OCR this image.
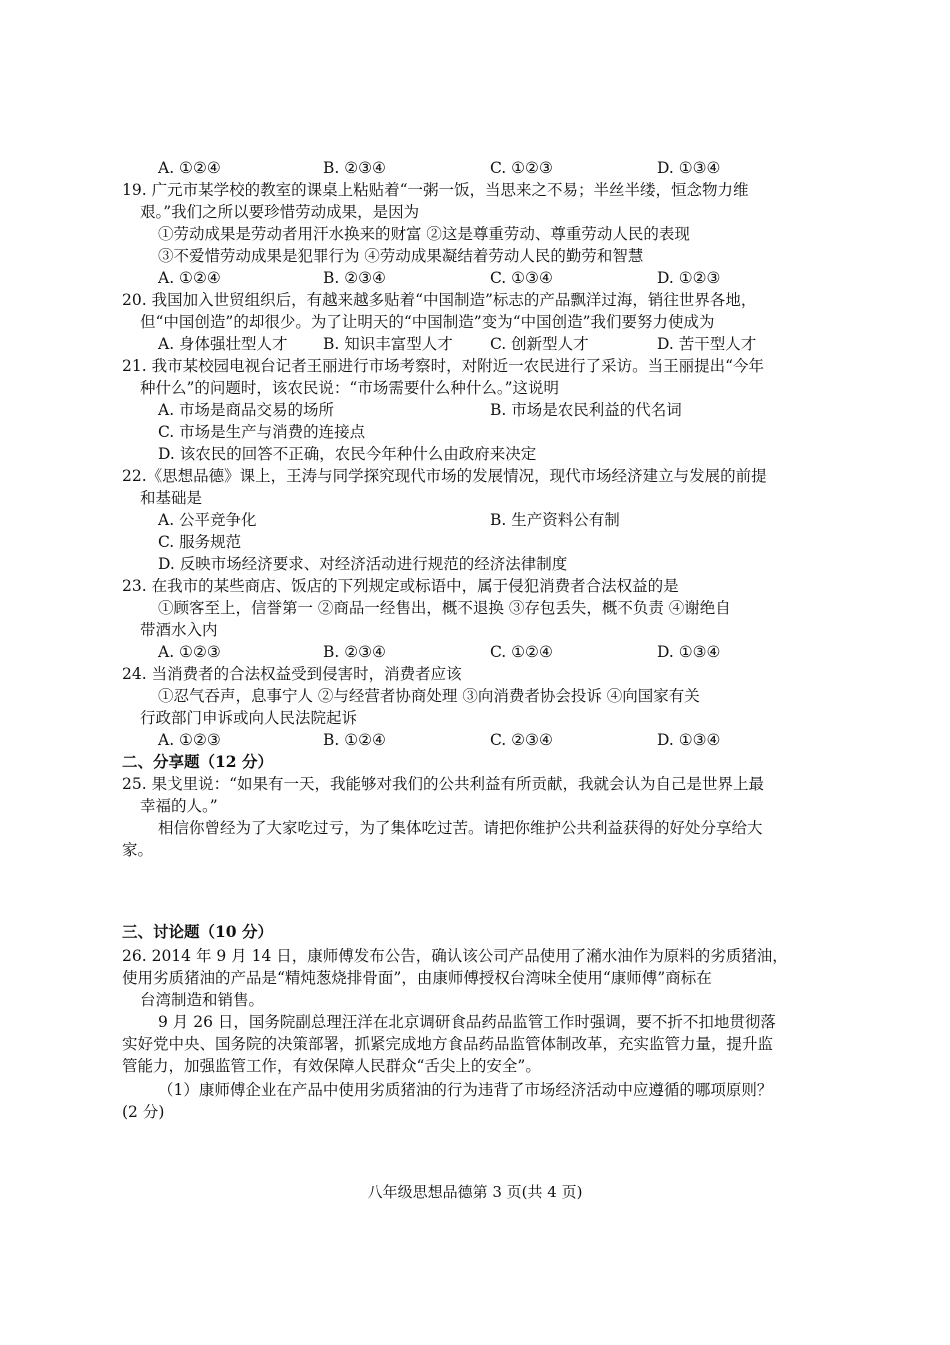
A. ①②④	B. ②③④	C. ①②③	D. ①③④
19. 广元市某学校的教室的课桌上粘贴着“一粥一饭，当思来之不易；半丝半缕，恒念物力维
艰。”我们之所以要珍惜劳动成果，是因为
①劳动成果是劳动者用汗水换来的财富 ②这是尊重劳动、尊重劳动人民的表现
③不爱惜劳动成果是犯罪行为 ④劳动成果凝结着劳动人民的勤劳和智慧
A. ①②④	B. ②③④	C. ①③④	D. ①②③
20. 我国加入世贸组织后，有越来越多贴着“中国制造”标志的产品飘洋过海，销往世界各地，
但“中国创造”的却很少。为了让明天的“中国制造”变为“中国创造”我们要努力使成为
A. 身体强壮型人才 B. 知识丰富型人才 C. 创新型人才	D. 苦干型人才
21. 我市某校园电视台记者王丽进行市场考察时，对附近一农民进行了采访。当王丽提出“今年
种什么”的问题时，该农民说：“市场需要什么种什么。”这说明
A. 市场是商品交易的场所	B. 市场是农民利益的代名词
C. 市场是生产与消费的连接点
D. 该农民的回答不正确，农民今年种什么由政府来决定
22.《思想品德》课上，王涛与同学探究现代市场的发展情况，现代市场经济建立与发展的前提
和基础是
A. 公平竞争化	B. 生产资料公有制
C. 服务规范
D. 反映市场经济要求、对经济活动进行规范的经济法律制度
23. 在我市的某些商店、饭店的下列规定或标语中，属于侵犯消费者合法权益的是
①顾客至上，信誉第一 ②商品一经售出，概不退换 ③存包丢失，概不负责 ④谢绝自
带酒水入内
A. ①②③	B. ②③④	C. ①②④	D. ①③④
24. 当消费者的合法权益受到侵害时，消费者应该
①忍气吞声，息事宁人 ②与经营者协商处理 ③向消费者协会投诉 ④向国家有关
行政部门申诉或向人民法院起诉
A. ①②③	B. ①②④	C. ②③④	D. ①③④
二、分享题（12 分）
25. 果戈里说：“如果有一天，我能够对我们的公共利益有所贡献，我就会认为自己是世界上最
幸福的人。”
相信你曾经为了大家吃过亏，为了集体吃过苦。请把你维护公共利益获得的好处分享给大
家。
三、讨论题（10 分）
26. 2014 年 9 月 14 日，康师傅发布公告，确认该公司产品使用了潲水油作为原料的劣质猪油，
使用劣质猪油的产品是“精炖葱烧排骨面”，由康师傅授权台湾味全使用“康师傅”商标在
台湾制造和销售。
9 月 26 日，国务院副总理汪洋在北京调研食品药品监管工作时强调，要不折不扣地贯彻落
实好党中央、国务院的决策部署，抓紧完成地方食品药品监管体制改革，充实监管力量，提升监
管能力，加强监管工作，有效保障人民群众“舌尖上的安全”。
（1）康师傅企业在产品中使用劣质猪油的行为违背了市场经济活动中应遵循的哪项原则？
(2 分)
八年级思想品德第 3 页(共 4 页)
